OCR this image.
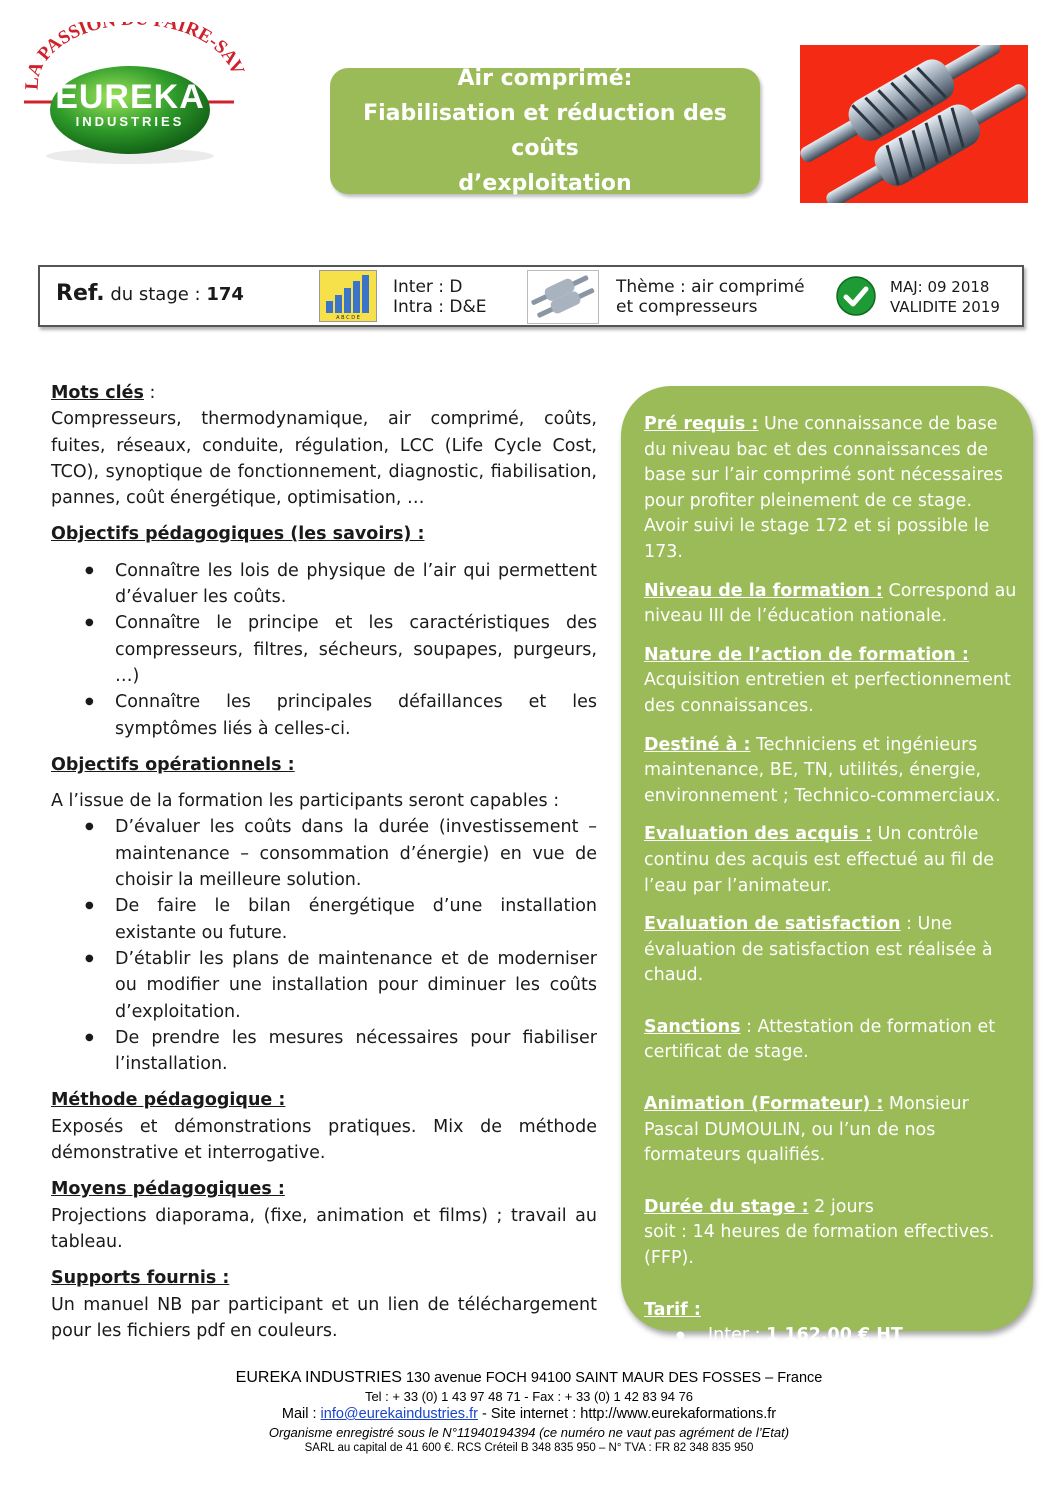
LA PASSIO AIRE-SAV
EUREKA
INDUSTRIES
Air comprimé:
Fiabilisation et réduction des coûts
d’exploitation
Ref. du stage : 174
A B C D E
Inter : D
Intra : D&E
Thème : air comprimé
et compresseurs
MAJ: 09 2018
VALIDITE 2019

Mots clés :

Compresseurs, thermodynamique, air comprimé, coûts, fuites, réseaux, conduite, régulation, LCC (Life Cycle Cost, TCO), synoptique de fonctionnement, diagnostic, fiabilisation, pannes, coût énergétique, optimisation, …

Objectifs pédagogiques (les savoirs) :

● Connaître les lois de physique de l’air qui permettent d’évaluer les coûts.
● Connaître le principe et les caractéristiques des compresseurs, filtres, sécheurs, soupapes, purgeurs, …)
● Connaître les principales défaillances et les symptômes liés à celles-ci.

Objectifs opérationnels :

A l’issue de la formation les participants seront capables :

● D’évaluer les coûts dans la durée (investissement – maintenance – consommation d’énergie) en vue de choisir la meilleure solution.
● De faire le bilan énergétique d’une installation existante ou future.
● D’établir les plans de maintenance et de moderniser ou modifier une installation pour diminuer les coûts d’exploitation.
● De prendre les mesures nécessaires pour fiabiliser l’installation.

Méthode pédagogique :

Exposés et démonstrations pratiques. Mix de méthode démonstrative et interrogative.

Moyens pédagogiques :

Projections diaporama, (fixe, animation et films) ; travail au tableau.

Supports fournis :

Un manuel NB par participant et un lien de téléchargement pour les fichiers pdf en couleurs.

Pré requis : Une connaissance de base du niveau bac et des connaissances de base sur l’air comprimé sont nécessaires pour profiter pleinement de ce stage.

Avoir suivi le stage 172 et si possible le 173.

Niveau de la formation : Correspond au niveau III de l’éducation nationale.

Nature de l’action de formation :

Acquisition entretien et perfectionnement des connaissances.

Destiné à : Techniciens et ingénieurs maintenance, BE, TN, utilités, énergie, environnement ; Technico-commerciaux.

Evaluation des acquis : Un contrôle continu des acquis est effectué au fil de l’eau par l’animateur.

Evaluation de satisfaction : Une évaluation de satisfaction est réalisée à chaud.

Sanctions : Attestation de formation et certificat de stage.

Animation (Formateur) : Monsieur Pascal DUMOULIN, ou l’un de nos formateurs qualifiés.

Durée du stage : 2 jours

soit : 14 heures de formation effectives. (FFP).

Tarif :

● Inter : 1 162,00 € HT
● Intra : nous consulter.
EUREKA INDUSTRIES 130 avenue FOCH 94100 SAINT MAUR DES FOSSES – France
Tel : + 33 (0) 1 43 97 48 71 - Fax : + 33 (0) 1 42 83 94 76
Mail : info@eurekaindustries.fr - Site internet : http://www.eurekaformations.fr
Organisme enregistré sous le N°11940194394 (ce numéro ne vaut pas agrément de l’Etat)
SARL au capital de 41 600 €. RCS Créteil B 348 835 950 – N° TVA : FR 82 348 835 950
